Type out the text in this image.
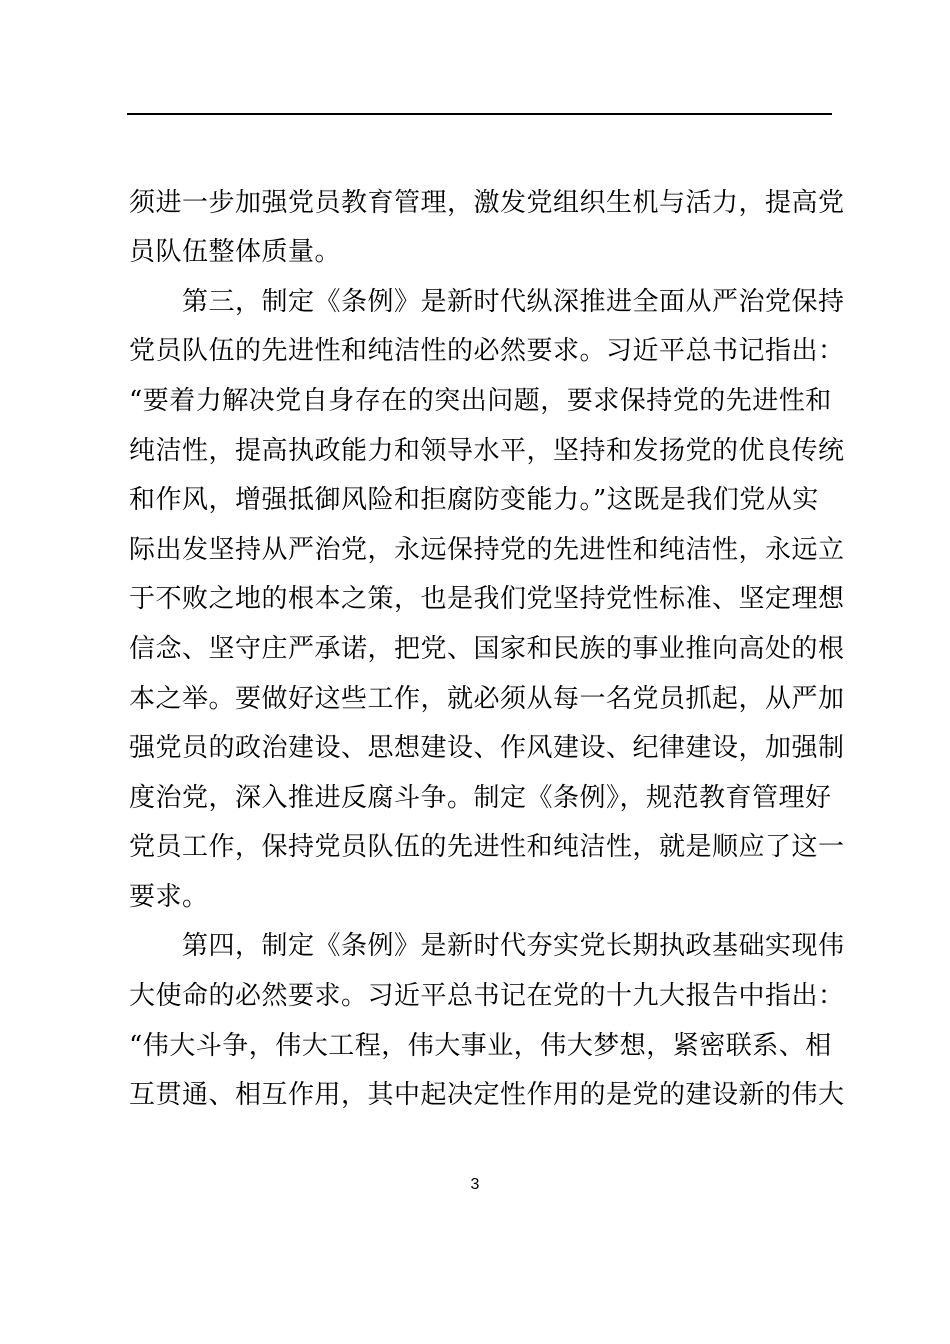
须进一步加强党员教育管理，激发党组织生机与活力，提高党
员队伍整体质量。
　　第三，制定《条例》是新时代纵深推进全面从严治党保持
党员队伍的先进性和纯洁性的必然要求。习近平总书记指出：
“要着力解决党自身存在的突出问题，要求保持党的先进性和
纯洁性，提高执政能力和领导水平，坚持和发扬党的优良传统
和作风，增强抵御风险和拒腐防变能力。”这既是我们党从实
际出发坚持从严治党，永远保持党的先进性和纯洁性，永远立
于不败之地的根本之策，也是我们党坚持党性标准、坚定理想
信念、坚守庄严承诺，把党、国家和民族的事业推向高处的根
本之举。要做好这些工作，就必须从每一名党员抓起，从严加
强党员的政治建设、思想建设、作风建设、纪律建设，加强制
度治党，深入推进反腐斗争。制定《条例》，规范教育管理好
党员工作，保持党员队伍的先进性和纯洁性，就是顺应了这一
要求。
　　第四，制定《条例》是新时代夯实党长期执政基础实现伟
大使命的必然要求。习近平总书记在党的十九大报告中指出：
“伟大斗争，伟大工程，伟大事业，伟大梦想，紧密联系、相
互贯通、相互作用，其中起决定性作用的是党的建设新的伟大
3
